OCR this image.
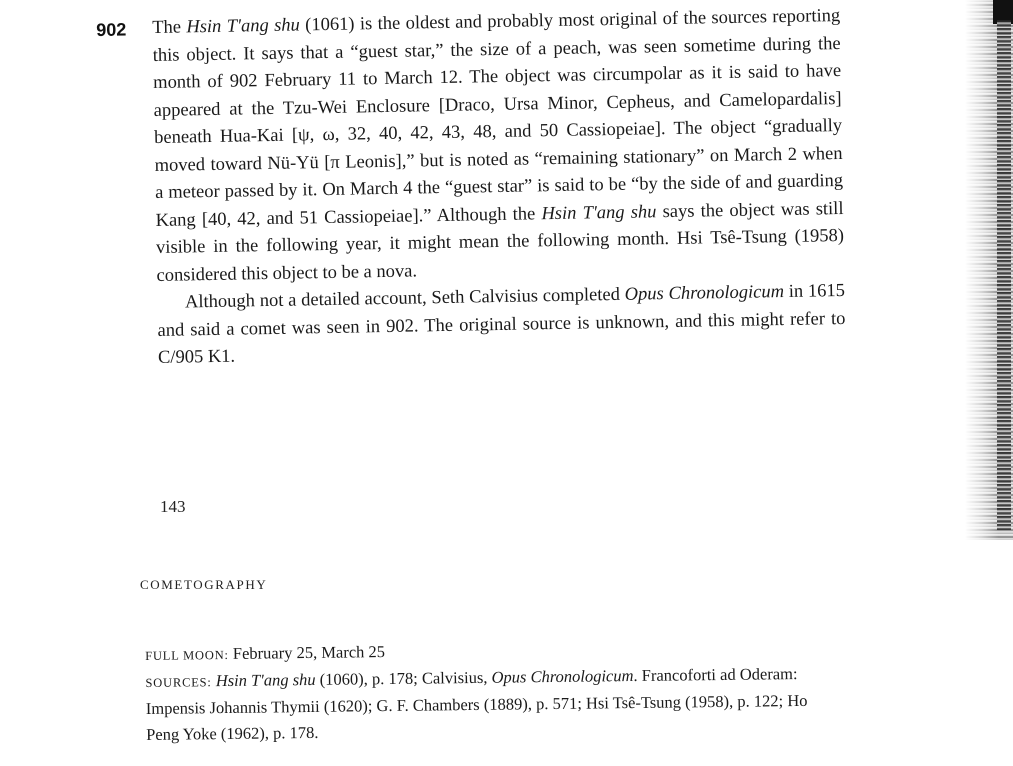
902 The Hsin T'ang shu (1061) is the oldest and probably most original of the sources reporting this object. It says that a “guest star,” the size of a peach, was seen sometime during the month of 902 February 11 to March 12. The object was circumpolar as it is said to have appeared at the Tzu-Wei Enclosure [Draco, Ursa Minor, Cepheus, and Camelopardalis] beneath Hua-Kai [ψ, ω, 32, 40, 42, 43, 48, and 50 Cassiopeiae]. The object “gradually moved toward Nü-Yü [π Leonis],” but is noted as “remaining stationary” on March 2 when a meteor passed by it. On March 4 the “guest star” is said to be “by the side of and guarding Kang [40, 42, and 51 Cassiopeiae].” Although the Hsin T'ang shu says the object was still visible in the following year, it might mean the following month. Hsi Tsê-Tsung (1958) considered this object to be a nova.

Although not a detailed account, Seth Calvisius completed Opus Chronologicum in 1615 and said a comet was seen in 902. The original source is unknown, and this might refer to C/905 K1.

143
COMETOGRAPHY

FULL MOON: February 25, March 25

SOURCES: Hsin T'ang shu (1060), p. 178; Calvisius, Opus Chronologicum. Francoforti ad Oderam: Impensis Johannis Thymii (1620); G. F. Chambers (1889), p. 571; Hsi Tsê-Tsung (1958), p. 122; Ho Peng Yoke (1962), p. 178.
